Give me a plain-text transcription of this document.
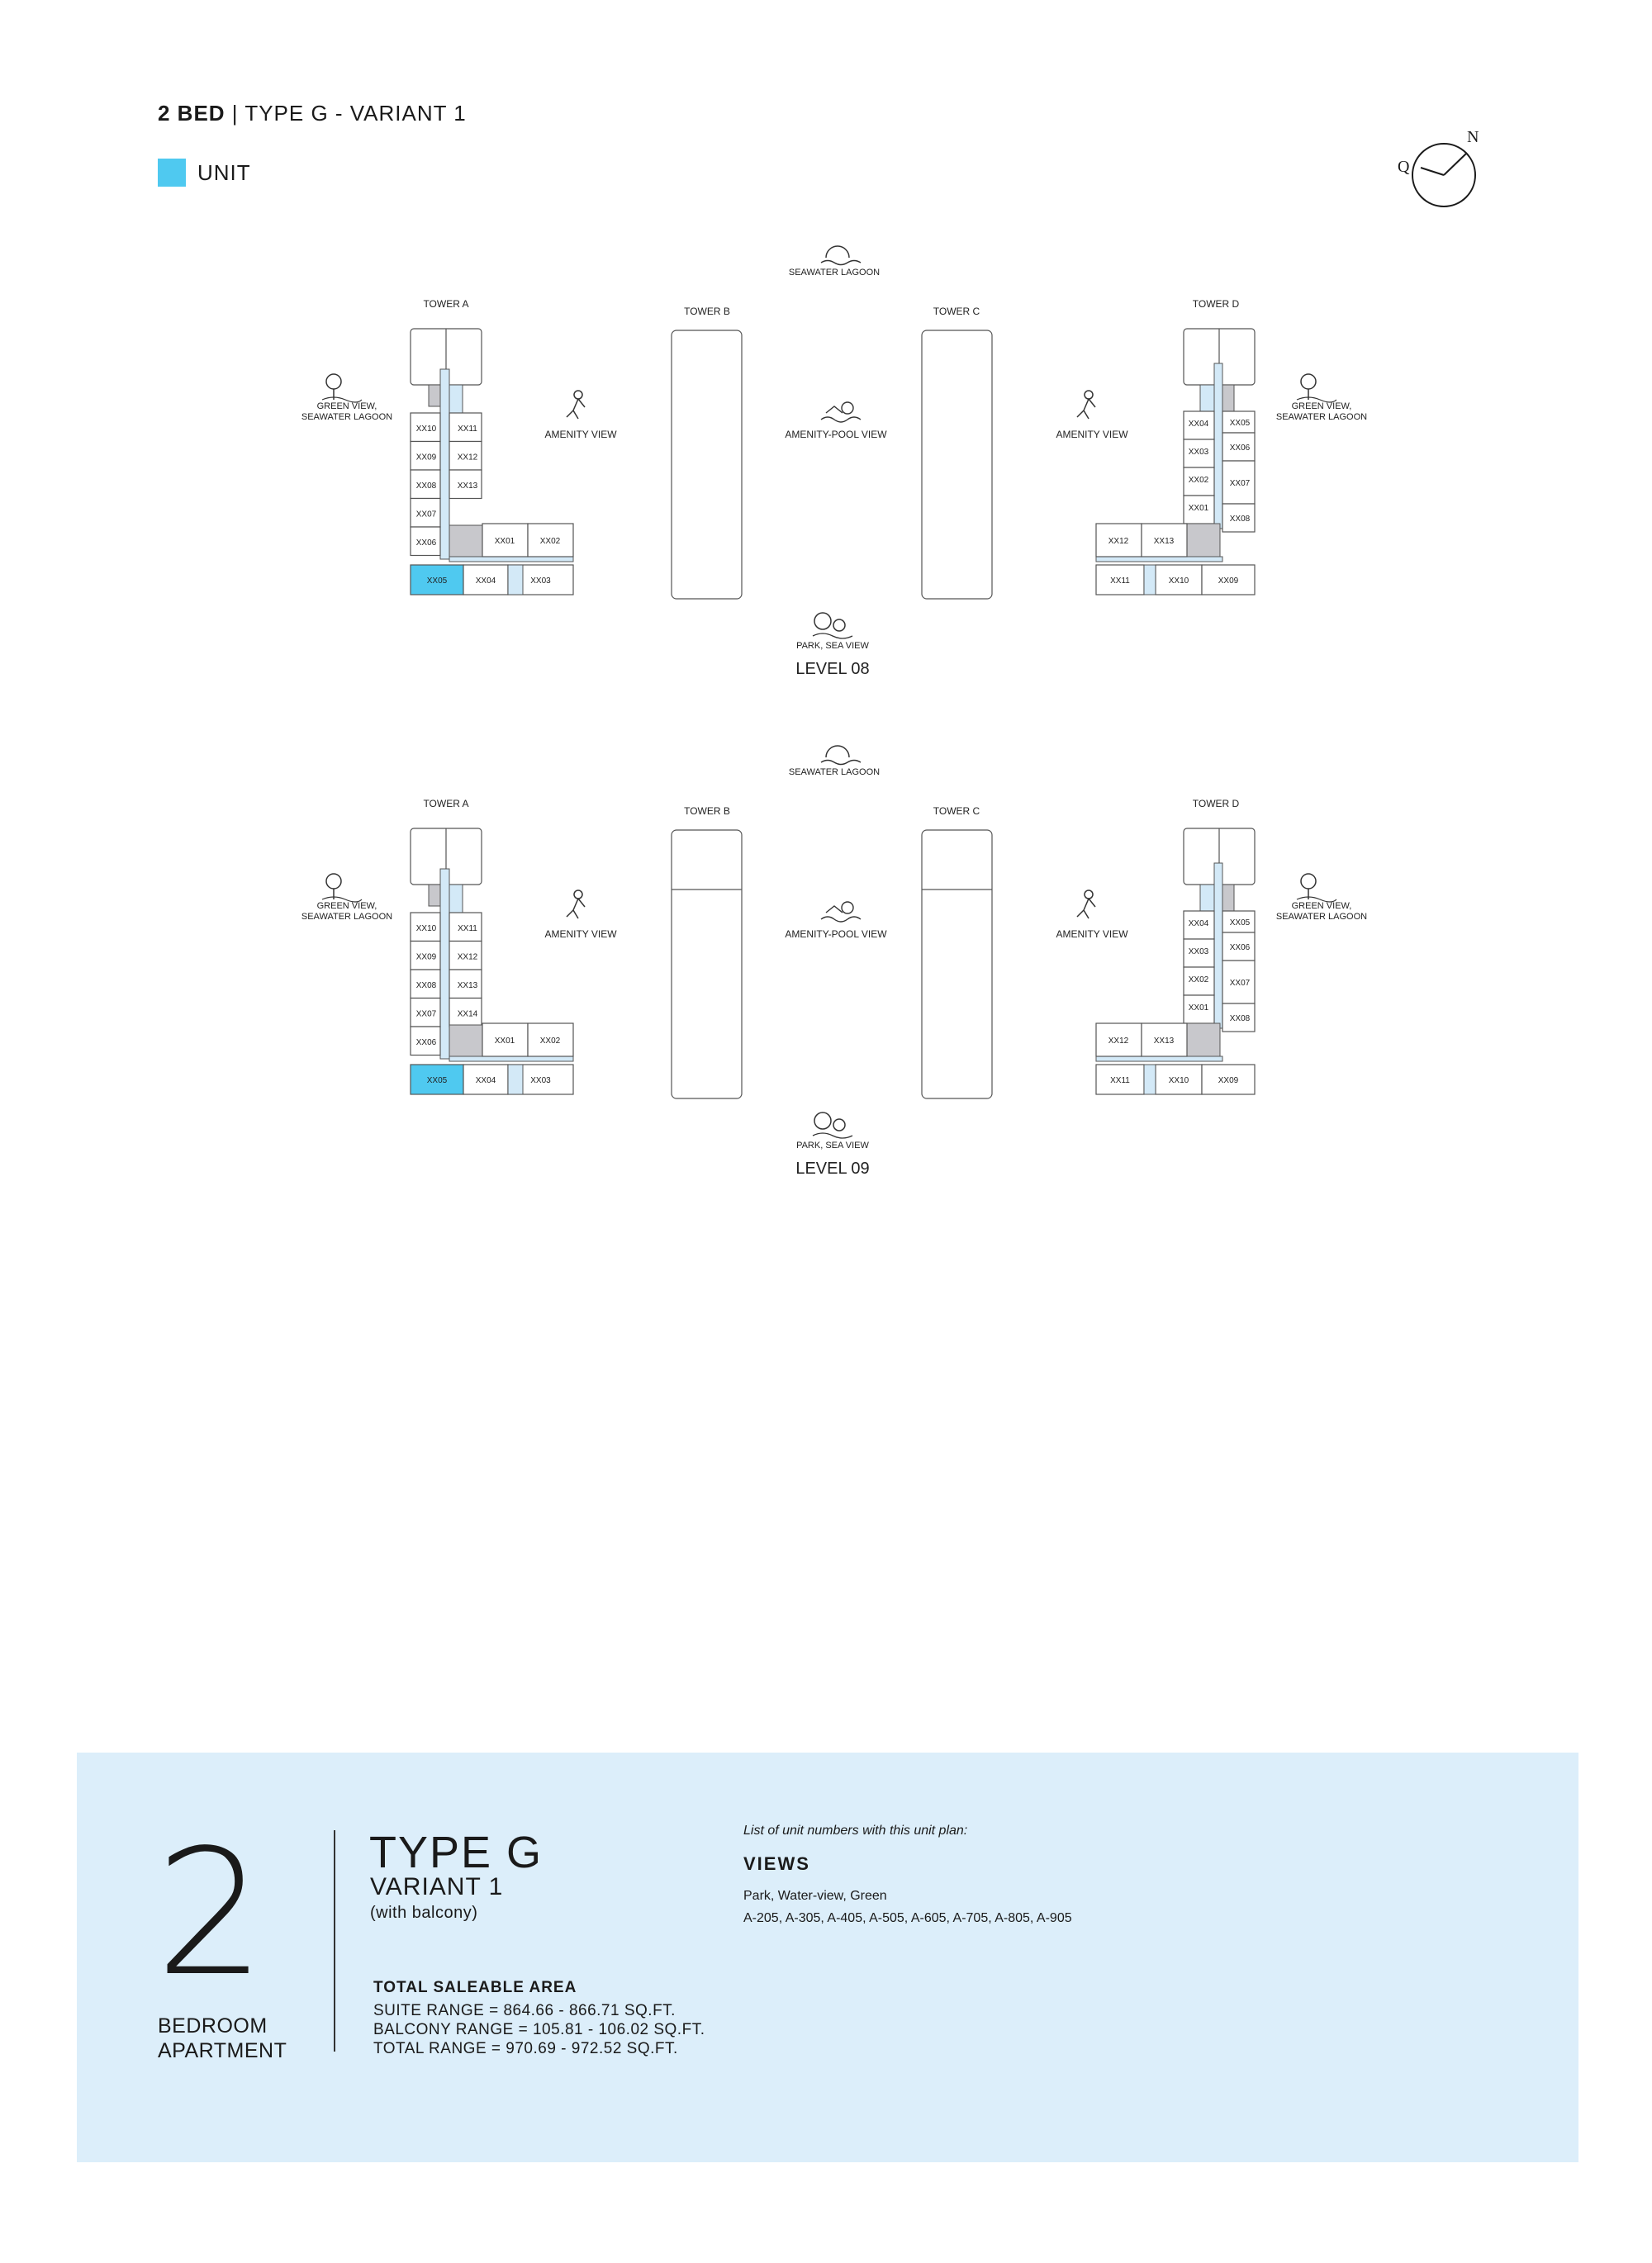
2 BED | TYPE G - VARIANT 1
UNIT
N
Q
SEAWATER LAGOON
TOWER A
TOWER B	TOWER C
TOWER D
GREEN VIEW,
SEAWATER LAGOON
GREEN VIEW,
SEAWATER LAGOON
AMENITY VIEW	AMENITY VIEW
AMENITY-POOL VIEW
PARK, SEA VIEW
LEVEL 08
XX10
XX09
XX08
XX07
XX06
XX11
XX12
XX13
XX01	XX02
XX05	XX04	XX03
XX04
XX03
XX02
XX01
XX05
XX06
XX07
XX08
XX12	XX13
XX11	XX10	XX09
SEAWATER LAGOON
TOWER A
TOWER B	TOWER C
TOWER D
GREEN VIEW,
SEAWATER LAGOON
GREEN VIEW,
SEAWATER LAGOON
AMENITY VIEW	AMENITY VIEW
AMENITY-POOL VIEW
PARK, SEA VIEW
LEVEL 09
XX10
XX09
XX08
XX07
XX06
XX11
XX12
XX13
XX14
XX01	XX02
XX05	XX04	XX03
XX04
XX03
XX02
XX01
XX05
XX06
XX07
XX08
XX12	XX13
XX11	XX10	XX09
2
BEDROOM
APARTMENT
TYPE G
VARIANT 1
(with balcony)
TOTAL SALEABLE AREA
SUITE RANGE = 864.66 - 866.71 SQ.FT.
BALCONY RANGE = 105.81 - 106.02 SQ.FT.
TOTAL RANGE = 970.69 - 972.52 SQ.FT.
List of unit numbers with this unit plan:
VIEWS
Park, Water-view, Green
A-205, A-305, A-405, A-505, A-605, A-705, A-805, A-905
